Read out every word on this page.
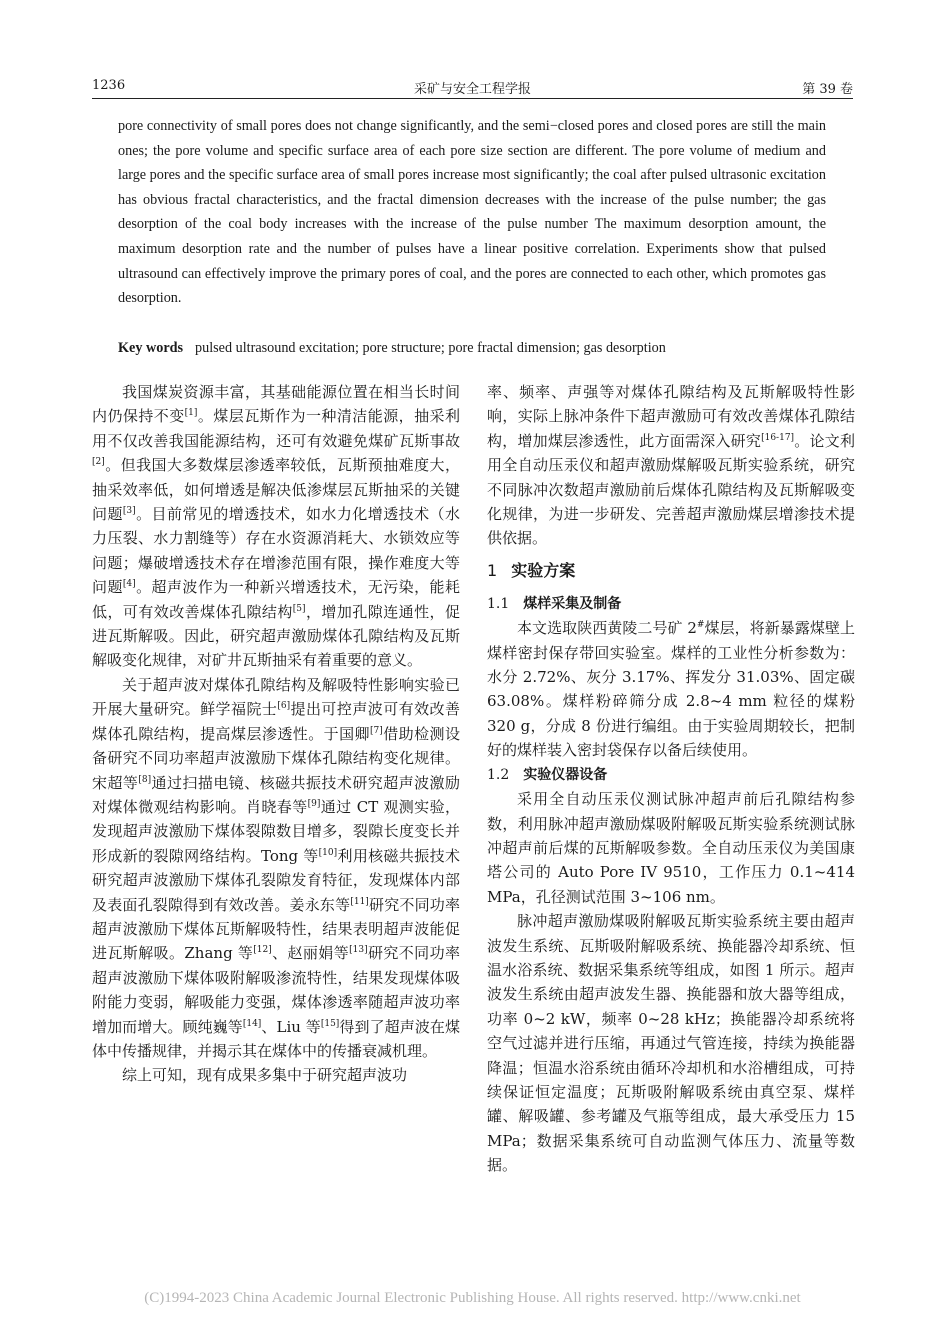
1236	采矿与安全工程学报	第 39 卷
pore connectivity of small pores does not change significantly, and the semi−closed pores and closed pores are still the main ones; the pore volume and specific surface area of each pore size section are different. The pore volume of medium and large pores and the specific surface area of small pores increase most significantly; the coal after pulsed ultrasonic excitation has obvious fractal characteristics, and the fractal dimension decreases with the increase of the pulse number; the gas desorption of the coal body increases with the increase of the pulse number The maximum desorption amount, the maximum desorption rate and the number of pulses have a linear positive correlation. Experiments show that pulsed ultrasound can effectively improve the primary pores of coal, and the pores are connected to each other, which promotes gas desorption.
Key words pulsed ultrasound excitation; pore structure; pore fractal dimension; gas desorption

我国煤炭资源丰富，其基础能源位置在相当长时间内仍保持不变[1]。煤层瓦斯作为一种清洁能源，抽采利用不仅改善我国能源结构，还可有效避免煤矿瓦斯事故[2]。但我国大多数煤层渗透率较低，瓦斯预抽难度大，抽采效率低，如何增透是解决低渗煤层瓦斯抽采的关键问题[3]。目前常见的增透技术，如水力化增透技术（水力压裂、水力割缝等）存在水资源消耗大、水锁效应等问题；爆破增透技术存在增渗范围有限，操作难度大等问题[4]。超声波作为一种新兴增透技术，无污染，能耗低，可有效改善煤体孔隙结构[5]，增加孔隙连通性，促进瓦斯解吸。因此，研究超声激励煤体孔隙结构及瓦斯解吸变化规律，对矿井瓦斯抽采有着重要的意义。

关于超声波对煤体孔隙结构及解吸特性影响实验已开展大量研究。鲜学福院士[6]提出可控声波可有效改善煤体孔隙结构，提高煤层渗透性。于国卿[7]借助检测设备研究不同功率超声波激励下煤体孔隙结构变化规律。宋超等[8]通过扫描电镜、核磁共振技术研究超声波激励对煤体微观结构影响。肖晓春等[9]通过 CT 观测实验，发现超声波激励下煤体裂隙数目增多，裂隙长度变长并形成新的裂隙网络结构。Tong 等[10]利用核磁共振技术研究超声波激励下煤体孔裂隙发育特征，发现煤体内部及表面孔裂隙得到有效改善。姜永东等[11]研究不同功率超声波激励下煤体瓦斯解吸特性，结果表明超声波能促进瓦斯解吸。Zhang 等[12]、赵丽娟等[13]研究不同功率超声波激励下煤体吸附解吸渗流特性，结果发现煤体吸附能力变弱，解吸能力变强，煤体渗透率随超声波功率增加而增大。顾纯巍等[14]、Liu 等[15]得到了超声波在煤体中传播规律，并揭示其在煤体中的传播衰减机理。

综上可知，现有成果多集中于研究超声波功

率、频率、声强等对煤体孔隙结构及瓦斯解吸特性影响，实际上脉冲条件下超声激励可有效改善煤体孔隙结构，增加煤层渗透性，此方面需深入研究[16-17]。论文利用全自动压汞仪和超声激励煤解吸瓦斯实验系统，研究不同脉冲次数超声激励前后煤体孔隙结构及瓦斯解吸变化规律，为进一步研发、完善超声激励煤层增渗技术提供依据。

1 实验方案
1.1 煤样采集及制备

本文选取陕西黄陵二号矿 2#煤层，将新暴露煤壁上煤样密封保存带回实验室。煤样的工业性分析参数为：水分 2.72%、灰分 3.17%、挥发分 31.03%、固定碳 63.08%。煤样粉碎筛分成 2.8~4 mm 粒径的煤粉 320 g，分成 8 份进行编组。由于实验周期较长，把制好的煤样装入密封袋保存以备后续使用。

1.2 实验仪器设备

采用全自动压汞仪测试脉冲超声前后孔隙结构参数，利用脉冲超声激励煤吸附解吸瓦斯实验系统测试脉冲超声前后煤的瓦斯解吸参数。全自动压汞仪为美国康塔公司的 Auto Pore IV 9510，工作压力 0.1~414 MPa，孔径测试范围 3~106 nm。

脉冲超声激励煤吸附解吸瓦斯实验系统主要由超声波发生系统、瓦斯吸附解吸系统、换能器冷却系统、恒温水浴系统、数据采集系统等组成，如图 1 所示。超声波发生系统由超声波发生器、换能器和放大器等组成，功率 0~2 kW，频率 0~28 kHz；换能器冷却系统将空气过滤并进行压缩，再通过气管连接，持续为换能器降温；恒温水浴系统由循环冷却机和水浴槽组成，可持续保证恒定温度；瓦斯吸附解吸系统由真空泵、煤样罐、解吸罐、参考罐及气瓶等组成，最大承受压力 15 MPa；数据采集系统可自动监测气体压力、流量等数据。

(C)1994-2023 China Academic Journal Electronic Publishing House. All rights reserved. http://www.cnki.net
